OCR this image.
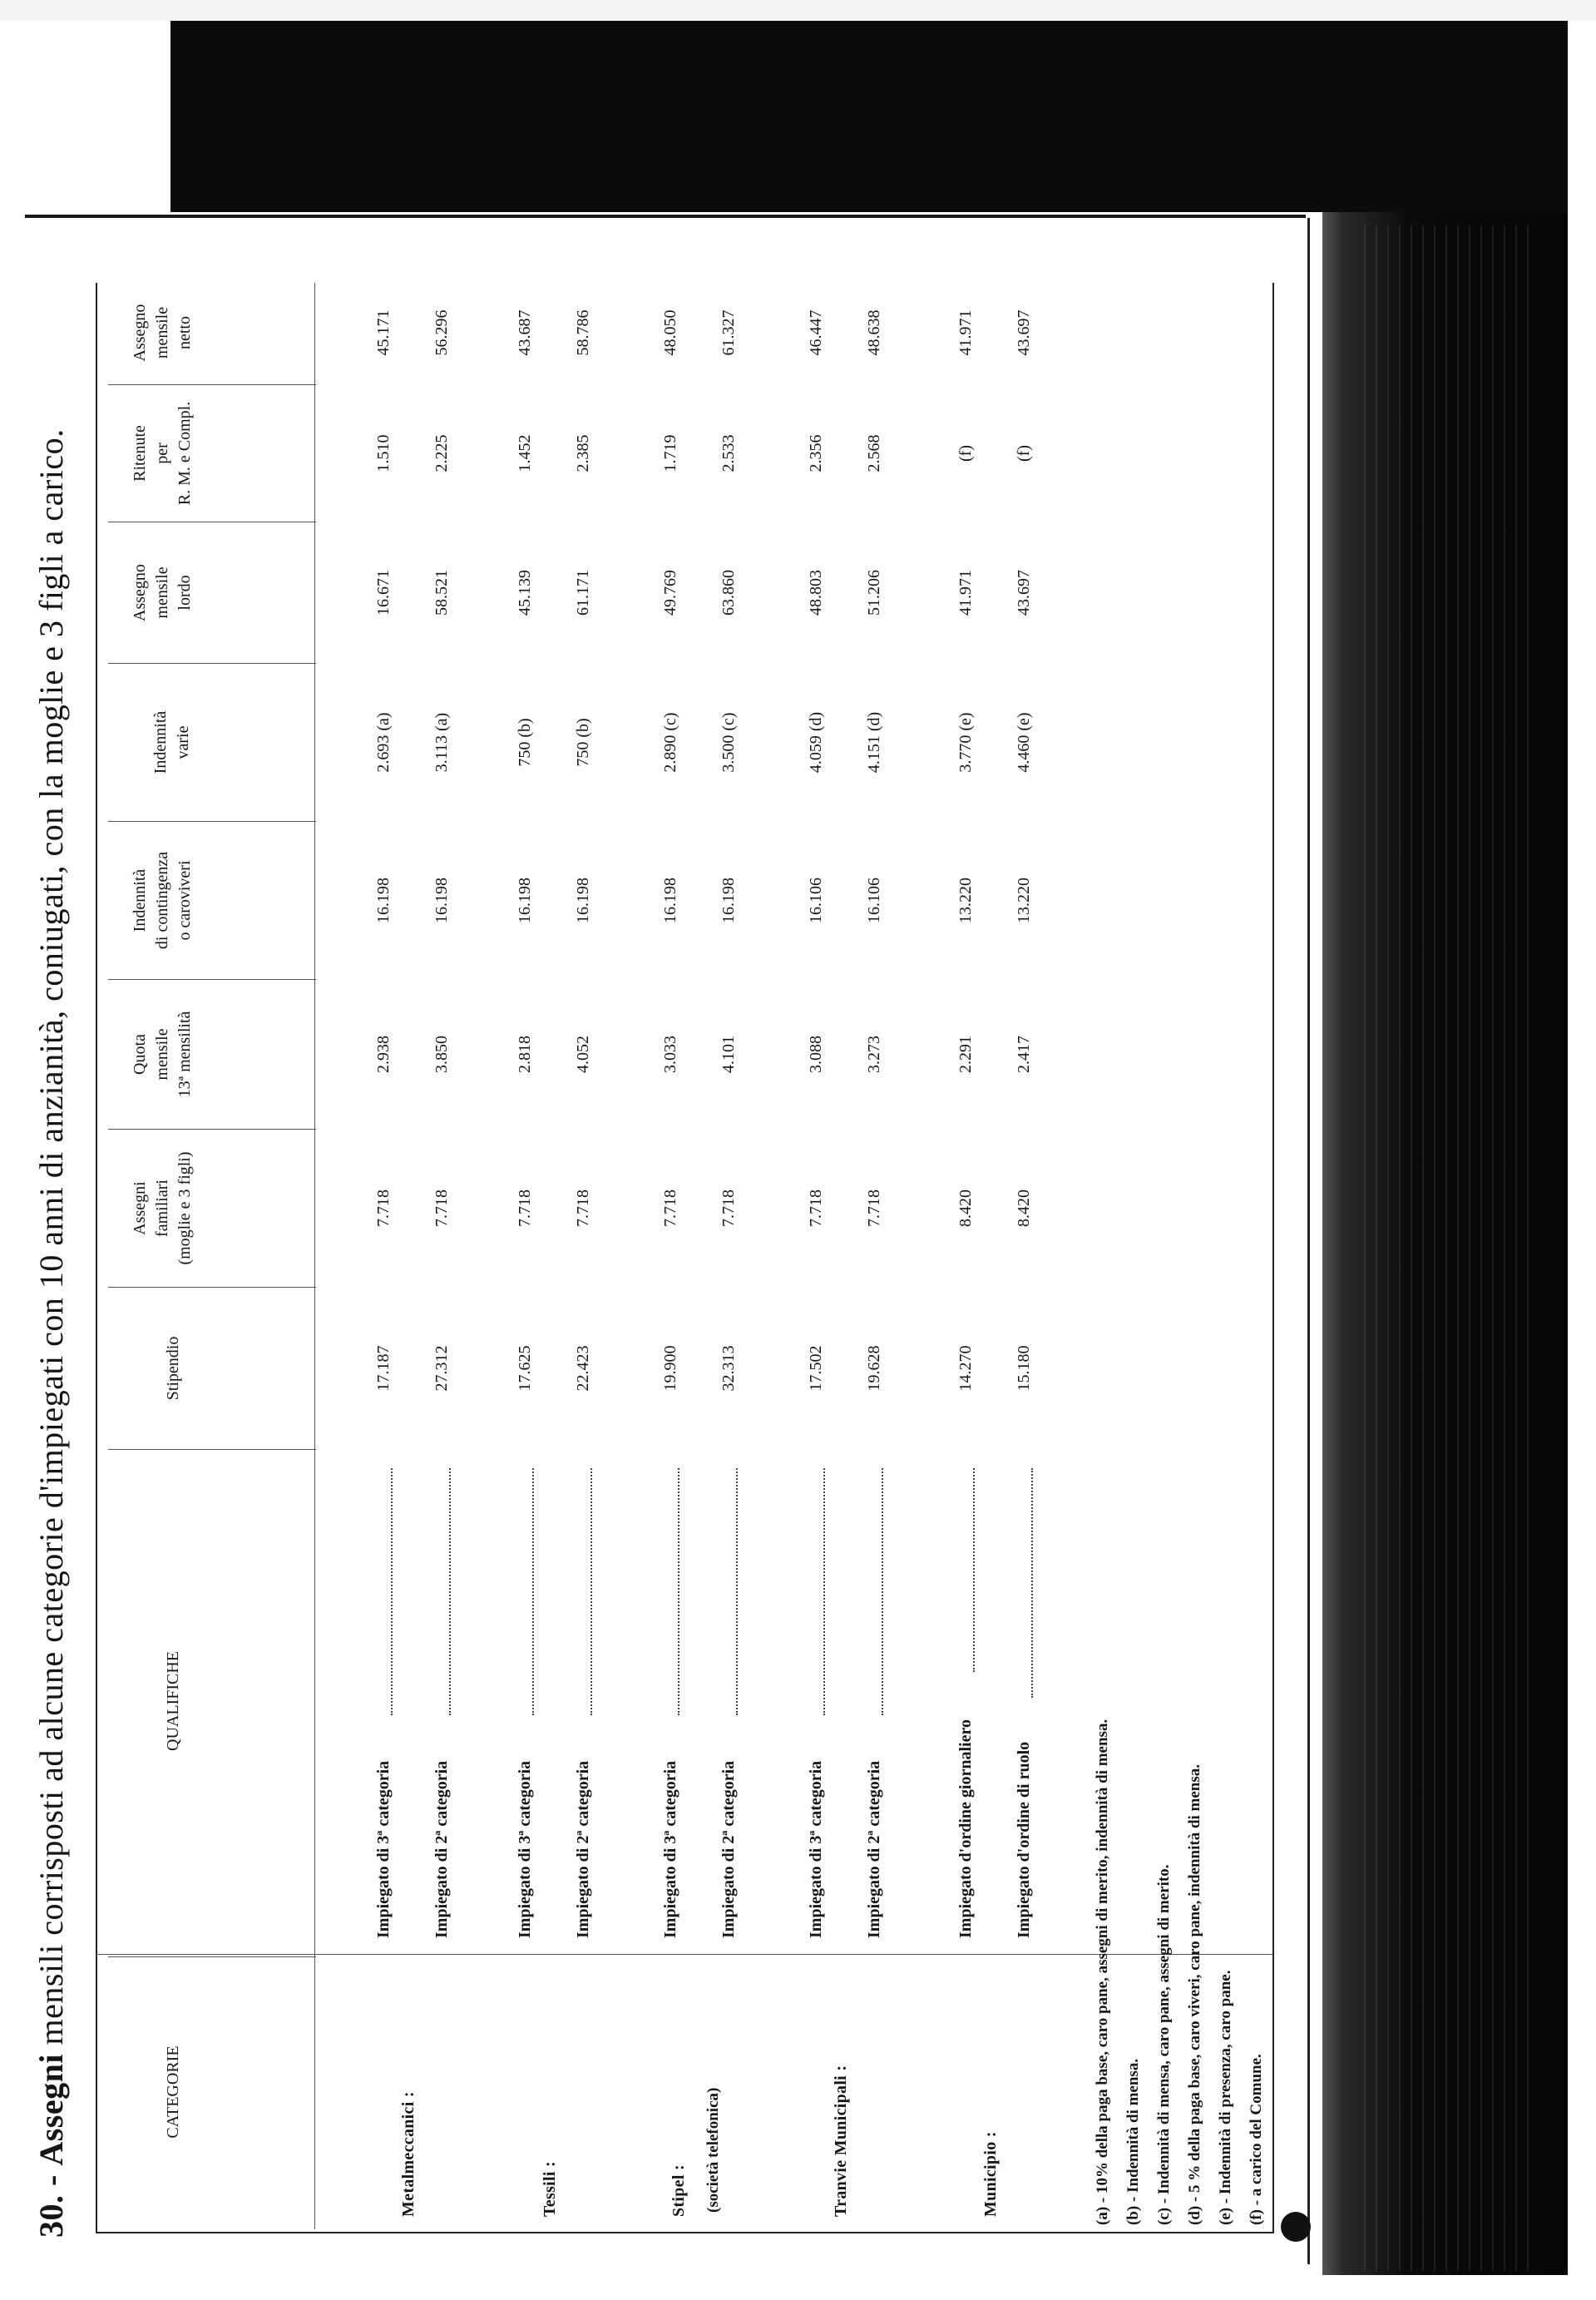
30. - Assegni mensili corrisposti ad alcune categorie d'impiegati con 10 anni di anzianità, coniugati, con la moglie e 3 figli a carico.
CATEGORIE
QUALIFICHE
Stipendio
Assegni familiari (moglie e 3 figli)
Quota mensile 13ª mensilità
Indennità di contingenza o caroviveri
Indennità varie
Assegno mensile lordo
Ritenute per R. M. e Compl.
Assegno mensile netto
Metalmeccanici :
Impiegato di 3ª categoria
17.187
7.718
2.938
16.198
2.693 (a)
16.671
1.510
45.171
Impiegato di 2ª categoria
27.312
7.718
3.850
16.198
3.113 (a)
58.521
2.225
56.296
Tessili :
Impiegato di 3ª categoria
17.625
7.718
2.818
16.198
750 (b)
45.139
1.452
43.687
Impiegato di 2ª categoria
22.423
7.718
4.052
16.198
750 (b)
61.171
2.385
58.786
Stipel : (società telefonica)
Impiegato di 3ª categoria
19.900
7.718
3.033
16.198
2.890 (c)
49.769
1.719
48.050
Impiegato di 2ª categoria
32.313
7.718
4.101
16.198
3.500 (c)
63.860
2.533
61.327
Tranvie Municipali :
Impiegato di 3ª categoria
17.502
7.718
3.088
16.106
4.059 (d)
48.803
2.356
46.447
Impiegato di 2ª categoria
19.628
7.718
3.273
16.106
4.151 (d)
51.206
2.568
48.638
Municipio :
Impiegato d'ordine giornaliero
14.270
8.420
2.291
13.220
3.770 (e)
41.971
(f)
41.971
Impiegato d'ordine di ruolo
15.180
8.420
2.417
13.220
4.460 (e)
43.697
(f)
43.697
(a) - 10% della paga base, caro pane, assegni di merito, indennità di mensa. (b) - Indennità di mensa. (c) - Indennità di mensa, caro pane, assegni di merito. (d) - 5 % della paga base, caro viveri, caro pane, indennità di mensa. (e) - Indennità di presenza, caro pane. (f) - a carico del Comune.
